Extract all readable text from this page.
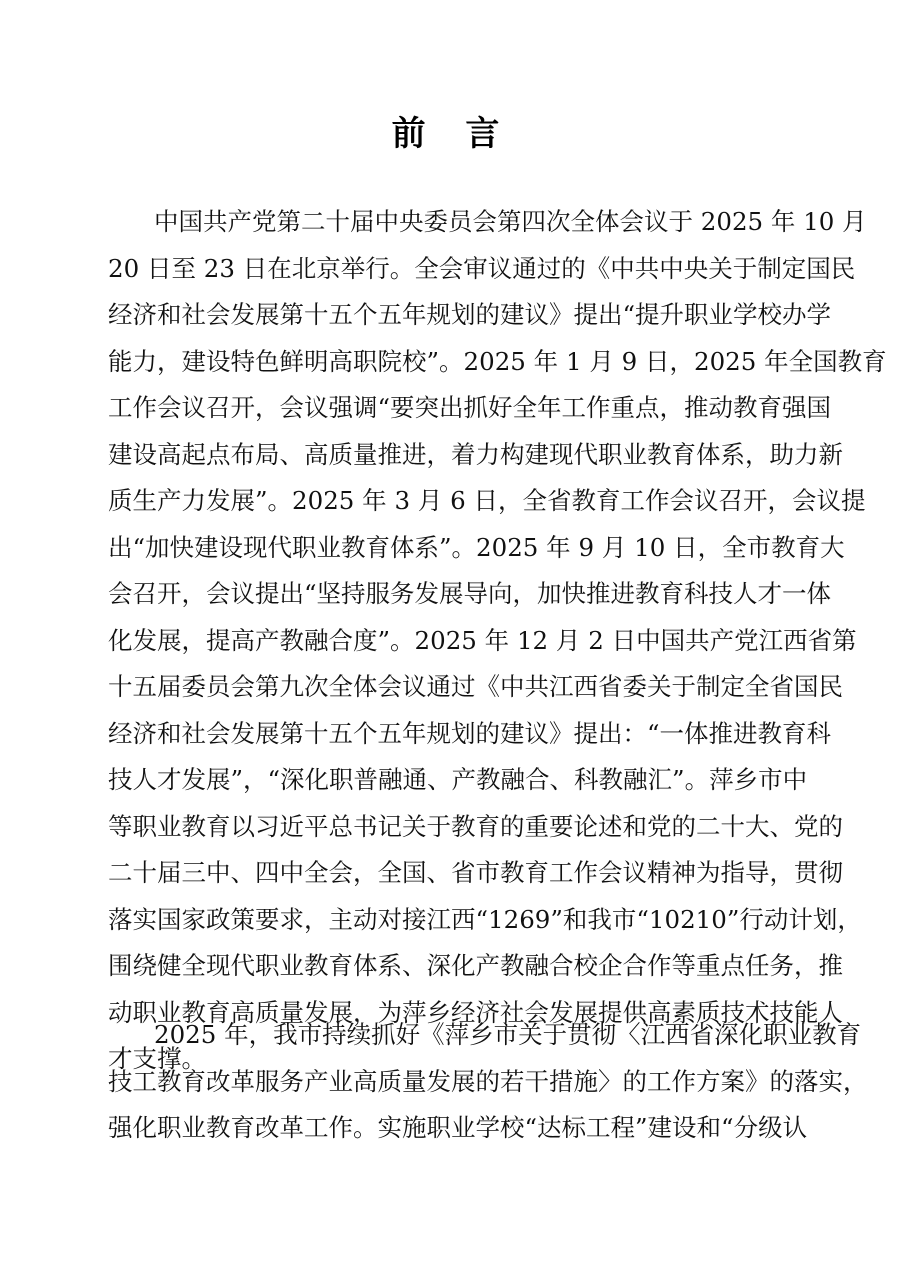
前 言
中国共产党第二十届中央委员会第四次全体会议于 2025 年 10 月
20 日至 23 日在北京举行。全会审议通过的《中共中央关于制定国民
经济和社会发展第十五个五年规划的建议》提出“提升职业学校办学
能力，建设特色鲜明高职院校”。2025 年 1 月 9 日，2025 年全国教育
工作会议召开，会议强调“要突出抓好全年工作重点，推动教育强国
建设高起点布局、高质量推进，着力构建现代职业教育体系，助力新
质生产力发展”。2025 年 3 月 6 日，全省教育工作会议召开，会议提
出“加快建设现代职业教育体系”。2025 年 9 月 10 日，全市教育大
会召开，会议提出“坚持服务发展导向，加快推进教育科技人才一体
化发展，提高产教融合度”。2025 年 12 月 2 日中国共产党江西省第
十五届委员会第九次全体会议通过《中共江西省委关于制定全省国民
经济和社会发展第十五个五年规划的建议》提出：“一体推进教育科
技人才发展”，“深化职普融通、产教融合、科教融汇”。萍乡市中
等职业教育以习近平总书记关于教育的重要论述和党的二十大、党的
二十届三中、四中全会，全国、省市教育工作会议精神为指导，贯彻
落实国家政策要求，主动对接江西“1269”和我市“10210”行动计划，
围绕健全现代职业教育体系、深化产教融合校企合作等重点任务，推
动职业教育高质量发展，为萍乡经济社会发展提供高素质技术技能人
才支撑。
2025 年，我市持续抓好《萍乡市关于贯彻〈江西省深化职业教育
技工教育改革服务产业高质量发展的若干措施〉的工作方案》的落实，
强化职业教育改革工作。实施职业学校“达标工程”建设和“分级认
